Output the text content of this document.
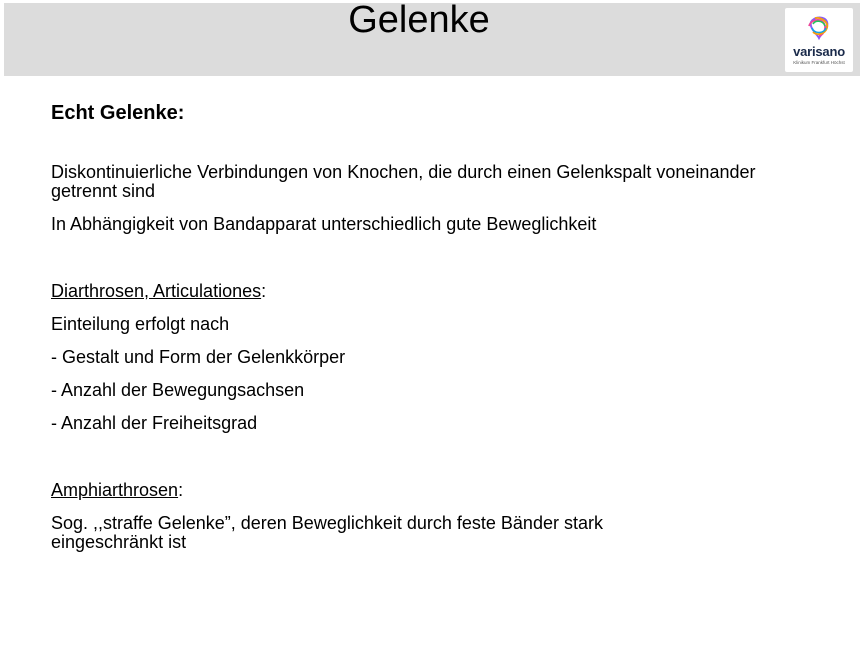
Gelenke
varisano
Klinikum Frankfurt Höchst

Echt Gelenke:

Diskontinuierliche Verbindungen von Knochen, die durch einen Gelenkspalt voneinander getrennt sind

In Abhängigkeit von Bandapparat unterschiedlich gute Beweglichkeit

Diarthrosen, Articulationes:

Einteilung erfolgt nach

- Gestalt und Form der Gelenkkörper

- Anzahl der Bewegungsachsen

- Anzahl der Freiheitsgrad

Amphiarthrosen:

Sog. ,,straffe Gelenke”, deren Beweglichkeit durch feste Bänder stark eingeschränkt ist
